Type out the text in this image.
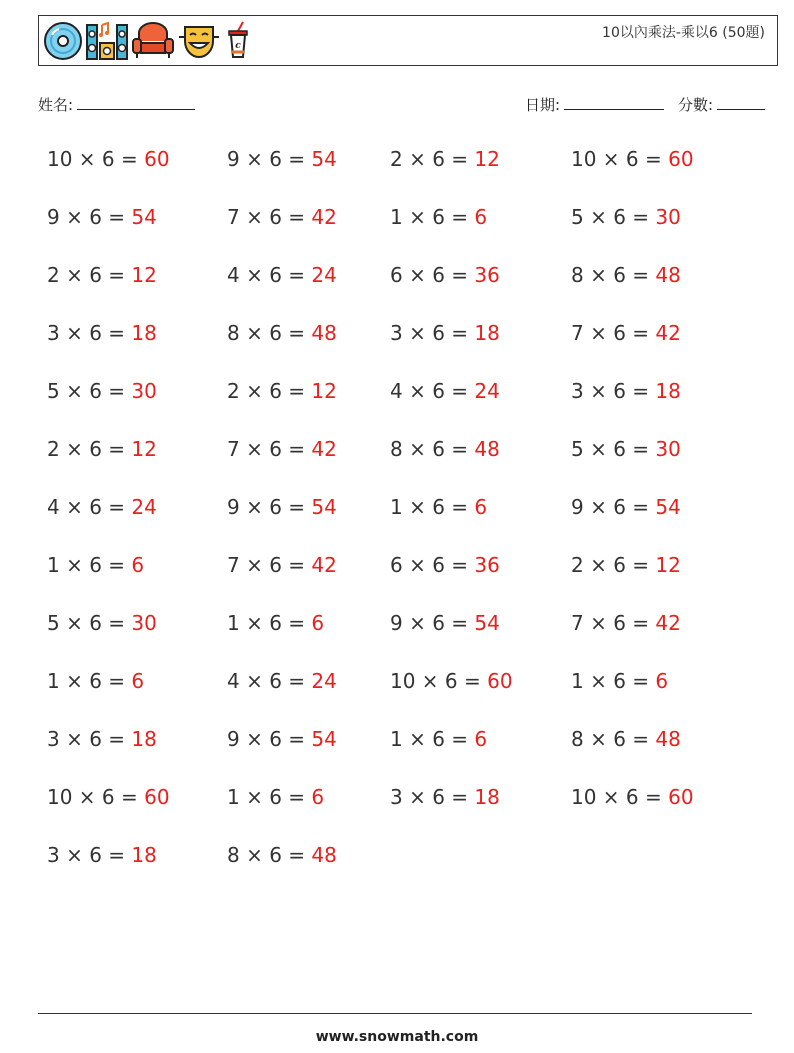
c
10以內乘法-乘以6 (50題)
姓名:	日期:	分數:
10 × 6 = 60	9 × 6 = 54	2 × 6 = 12	10 × 6 = 60
9 × 6 = 54	7 × 6 = 42	1 × 6 = 6	5 × 6 = 30
2 × 6 = 12	4 × 6 = 24	6 × 6 = 36	8 × 6 = 48
3 × 6 = 18	8 × 6 = 48	3 × 6 = 18	7 × 6 = 42
5 × 6 = 30	2 × 6 = 12	4 × 6 = 24	3 × 6 = 18
2 × 6 = 12	7 × 6 = 42	8 × 6 = 48	5 × 6 = 30
4 × 6 = 24	9 × 6 = 54	1 × 6 = 6	9 × 6 = 54
1 × 6 = 6	7 × 6 = 42	6 × 6 = 36	2 × 6 = 12
5 × 6 = 30	1 × 6 = 6	9 × 6 = 54	7 × 6 = 42
1 × 6 = 6	4 × 6 = 24	10 × 6 = 60	1 × 6 = 6
3 × 6 = 18	9 × 6 = 54	1 × 6 = 6	8 × 6 = 48
10 × 6 = 60	1 × 6 = 6	3 × 6 = 18	10 × 6 = 60
3 × 6 = 18	8 × 6 = 48
www.snowmath.com
